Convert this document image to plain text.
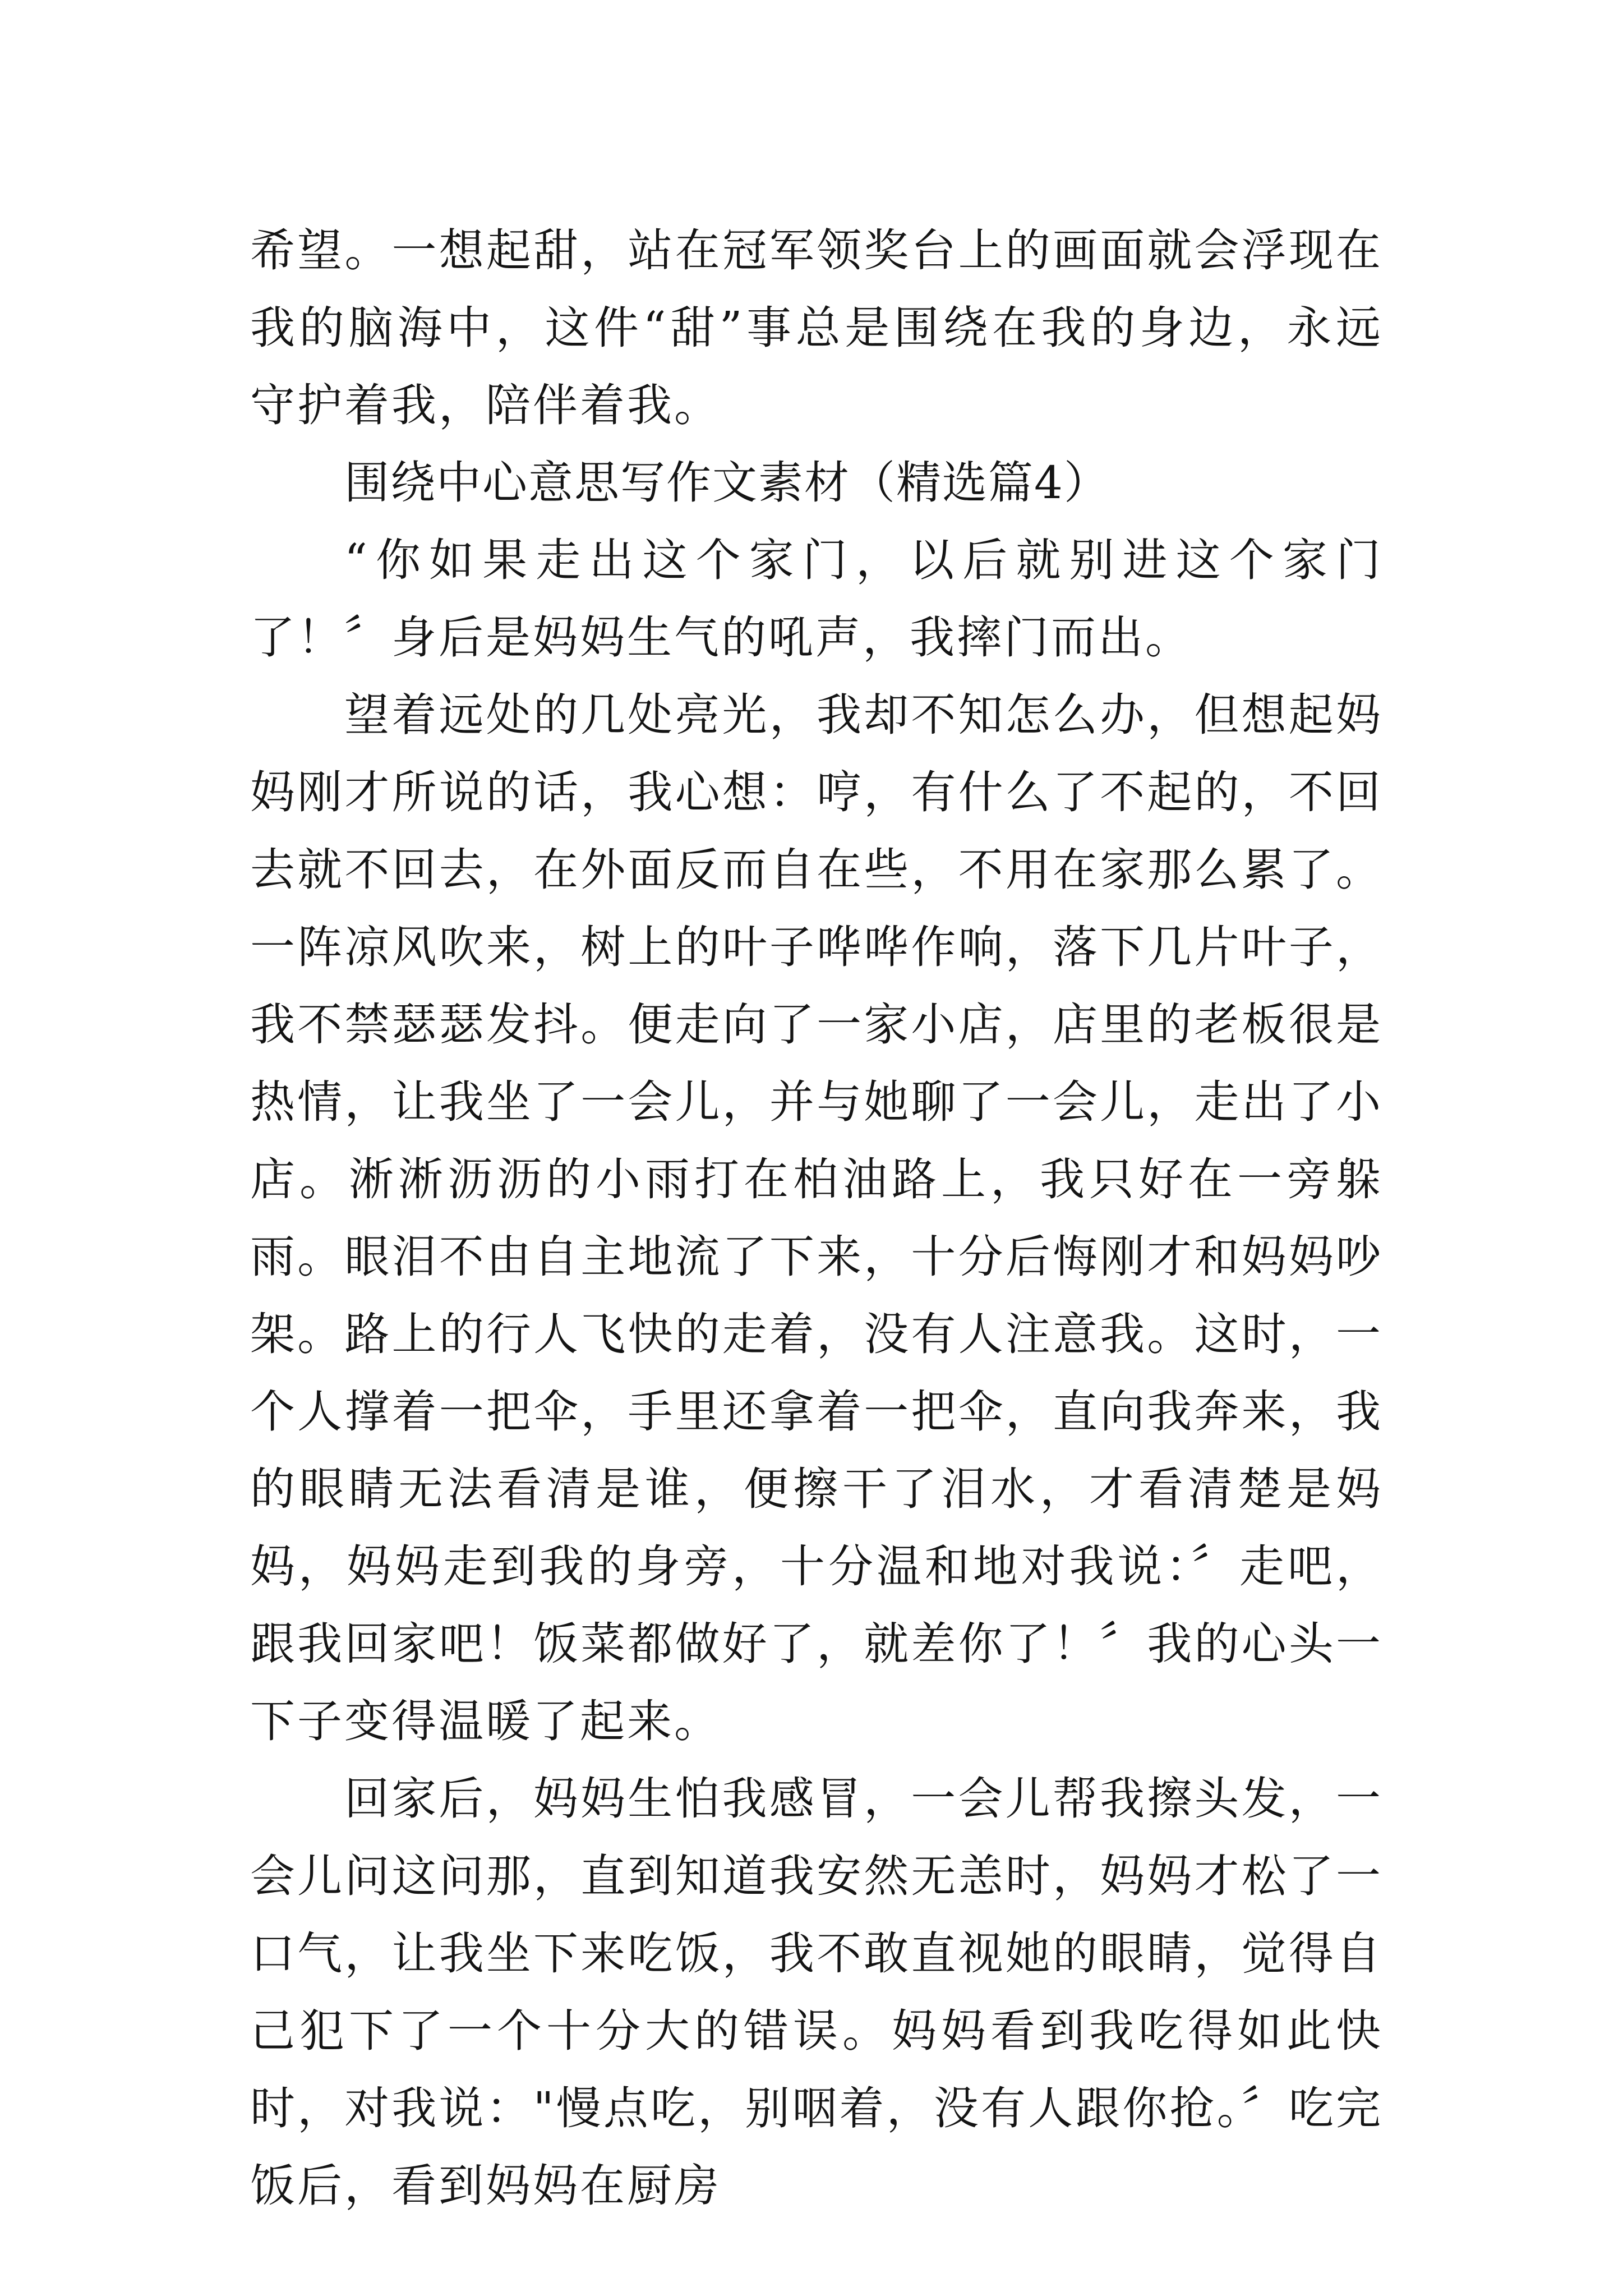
希望。一想起甜，站在冠军领奖台上的画面就会浮现在我的脑海中，这件“甜”事总是围绕在我的身边，永远守护着我，陪伴着我。

围绕中心意思写作文素材（精选篇4）

“你如果走出这个家门，以后就别进这个家门了！〞身后是妈妈生气的吼声，我摔门而出。

望着远处的几处亮光，我却不知怎么办，但想起妈妈刚才所说的话，我心想：哼，有什么了不起的，不回去就不回去，在外面反而自在些，不用在家那么累了。一阵凉风吹来，树上的叶子哗哗作响，落下几片叶子，我不禁瑟瑟发抖。便走向了一家小店，店里的老板很是热情，让我坐了一会儿，并与她聊了一会儿，走出了小店。淅淅沥沥的小雨打在柏油路上，我只好在一旁躲雨。眼泪不由自主地流了下来，十分后悔刚才和妈妈吵架。路上的行人飞快的走着，没有人注意我。这时，一个人撑着一把伞，手里还拿着一把伞，直向我奔来，我的眼睛无法看清是谁，便擦干了泪水，才看清楚是妈妈，妈妈走到我的身旁，十分温和地对我说：〞走吧，跟我回家吧！饭菜都做好了，就差你了！〞我的心头一下子变得温暖了起来。

回家后，妈妈生怕我感冒，一会儿帮我擦头发，一会儿问这问那，直到知道我安然无恙时，妈妈才松了一口气，让我坐下来吃饭，我不敢直视她的眼睛，觉得自己犯下了一个十分大的错误。妈妈看到我吃得如此快时，对我说："慢点吃，别咽着，没有人跟你抢。〞吃完饭后，看到妈妈在厨房
